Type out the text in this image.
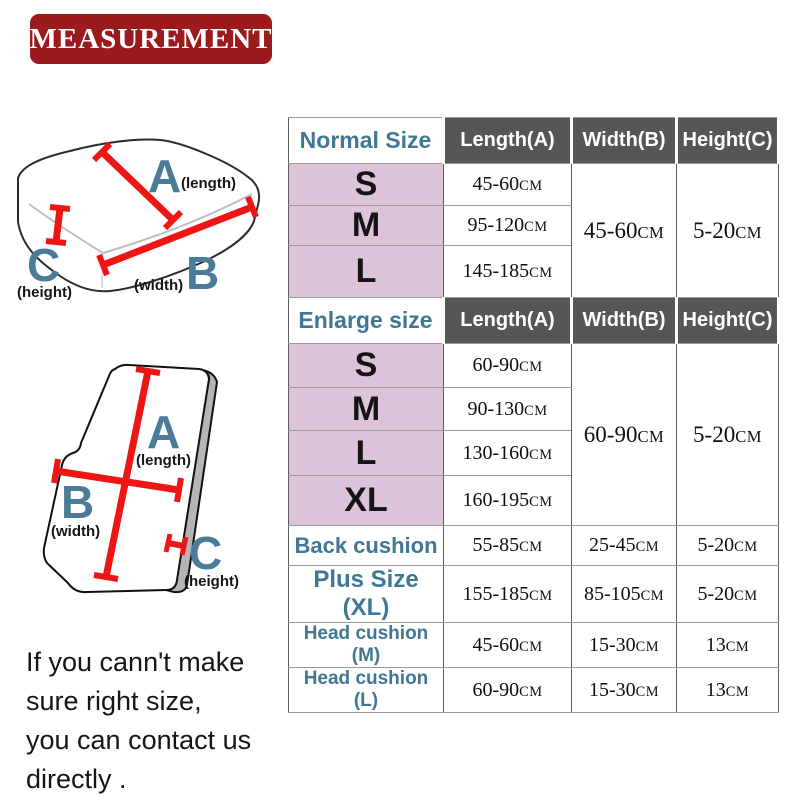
MEASUREMENT
A (length)
B
(width)
C
(height)
A
(length)
B
(width) C
(height)
If you cann't make
sure right size,
you can contact us
directly .
Normal Size	Length(A)	Width(B)	Height(C)
S	45-60CM	45-60CM	5-20CM
M	95-120CM		
L	145-185CM		
Enlarge size	Length(A)	Width(B)	Height(C)
S	60-90CM	60-90CM	5-20CM
M	90-130CM		
L	130-160CM		
XL	160-195CM		
Back cushion	55-85CM	25-45CM	5-20CM
Plus Size (XL)	155-185CM	85-105CM	5-20CM
Head cushion (M)	45-60CM	15-30CM	13CM
Head cushion (L)	60-90CM	15-30CM	13CM
